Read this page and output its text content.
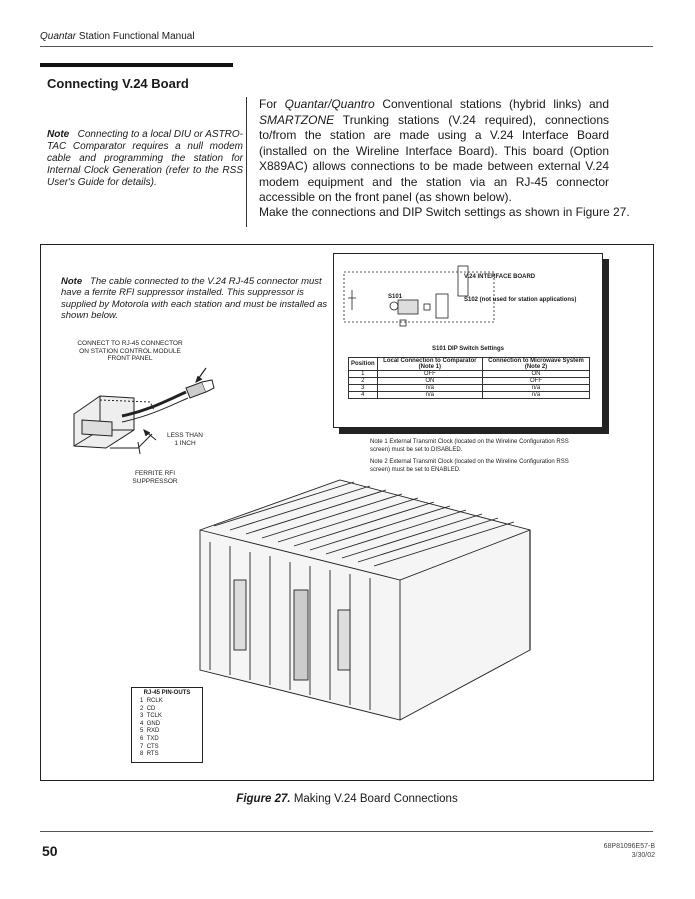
Quantar Station Functional Manual
Connecting V.24 Board
Note Connecting to a local DIU or ASTRO-TAC Comparator requires a null modem cable and programming the station for Internal Clock Generation (refer to the RSS User's Guide for details).
For Quantar/Quantro Conventional stations (hybrid links) and SMARTZONE Trunking stations (V.24 required), connections to/from the station are made using a V.24 Interface Board (installed on the Wireline Interface Board). This board (Option X889AC) allows connections to be made between external V.24 modem equipment and the station via an RJ-45 connector accessible on the front panel (as shown below).
Make the connections and DIP Switch settings as shown in Figure 27.
Note The cable connected to the V.24 RJ-45 connector must have a ferrite RFI suppressor installed. This suppressor is supplied by Motorola with each station and must be installed as shown below.
CONNECT TO RJ-45 CONNECTOR ON STATION CONTROL MODULE FRONT PANEL
LESS THAN 1 INCH
FERRITE RFI SUPPRESSOR
V.24 INTERFACE BOARD
S101	S102 (not used for station applications)
S101 DIP Switch Settings
Position	Local Connection to Comparator (Note 1)	Connection to Microwave System (Note 2)
1	OFF	ON
2	ON	OFF
3	n/a	n/a
4	n/a	n/a
Note 1 External Transmit Clock (located on the Wireline Configuration RSS screen) must be set to DISABLED.
Note 2 External Transmit Clock (located on the Wireline Configuration RSS screen) must be set to ENABLED.
RJ-45 PIN-OUTS
1 RCLK
2 CD
3 TCLK
4 GND
5 RXD
6 TXD
7 CTS
8 RTS
Figure 27. Making V.24 Board Connections
50	68P81096E57-B
3/30/02
